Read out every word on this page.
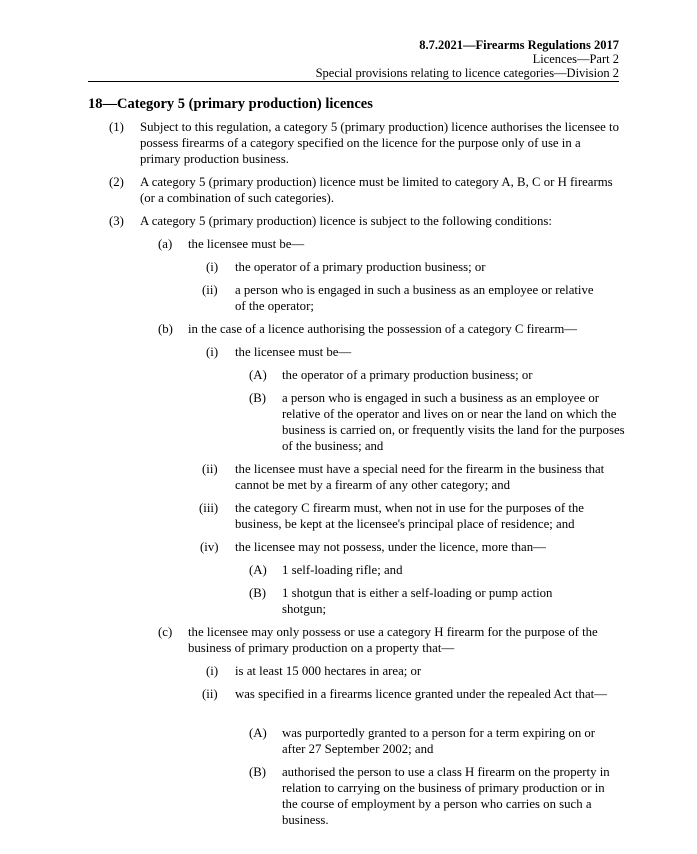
8.7.2021—Firearms Regulations 2017
Licences—Part 2
Special provisions relating to licence categories—Division 2
18—Category 5 (primary production) licences
(1) Subject to this regulation, a category 5 (primary production) licence authorises the licensee to possess firearms of a category specified on the licence for the purpose only of use in a primary production business.
(2) A category 5 (primary production) licence must be limited to category A, B, C or H firearms (or a combination of such categories).
(3) A category 5 (primary production) licence is subject to the following conditions:
(a) the licensee must be—
(i) the operator of a primary production business; or
(ii) a person who is engaged in such a business as an employee or relative of the operator;
(b) in the case of a licence authorising the possession of a category C firearm—
(i) the licensee must be—
(A) the operator of a primary production business; or
(B) a person who is engaged in such a business as an employee or relative of the operator and lives on or near the land on which the business is carried on, or frequently visits the land for the purposes of the business; and
(ii) the licensee must have a special need for the firearm in the business that cannot be met by a firearm of any other category; and
(iii) the category C firearm must, when not in use for the purposes of the business, be kept at the licensee's principal place of residence; and
(iv) the licensee may not possess, under the licence, more than—
(A) 1 self-loading rifle; and
(B) 1 shotgun that is either a self-loading or pump action shotgun;
(c) the licensee may only possess or use a category H firearm for the purpose of the business of primary production on a property that—
(i) is at least 15 000 hectares in area; or
(ii) was specified in a firearms licence granted under the repealed Act that—
(A) was purportedly granted to a person for a term expiring on or after 27 September 2002; and
(B) authorised the person to use a class H firearm on the property in relation to carrying on the business of primary production or in the course of employment by a person who carries on such a business.
